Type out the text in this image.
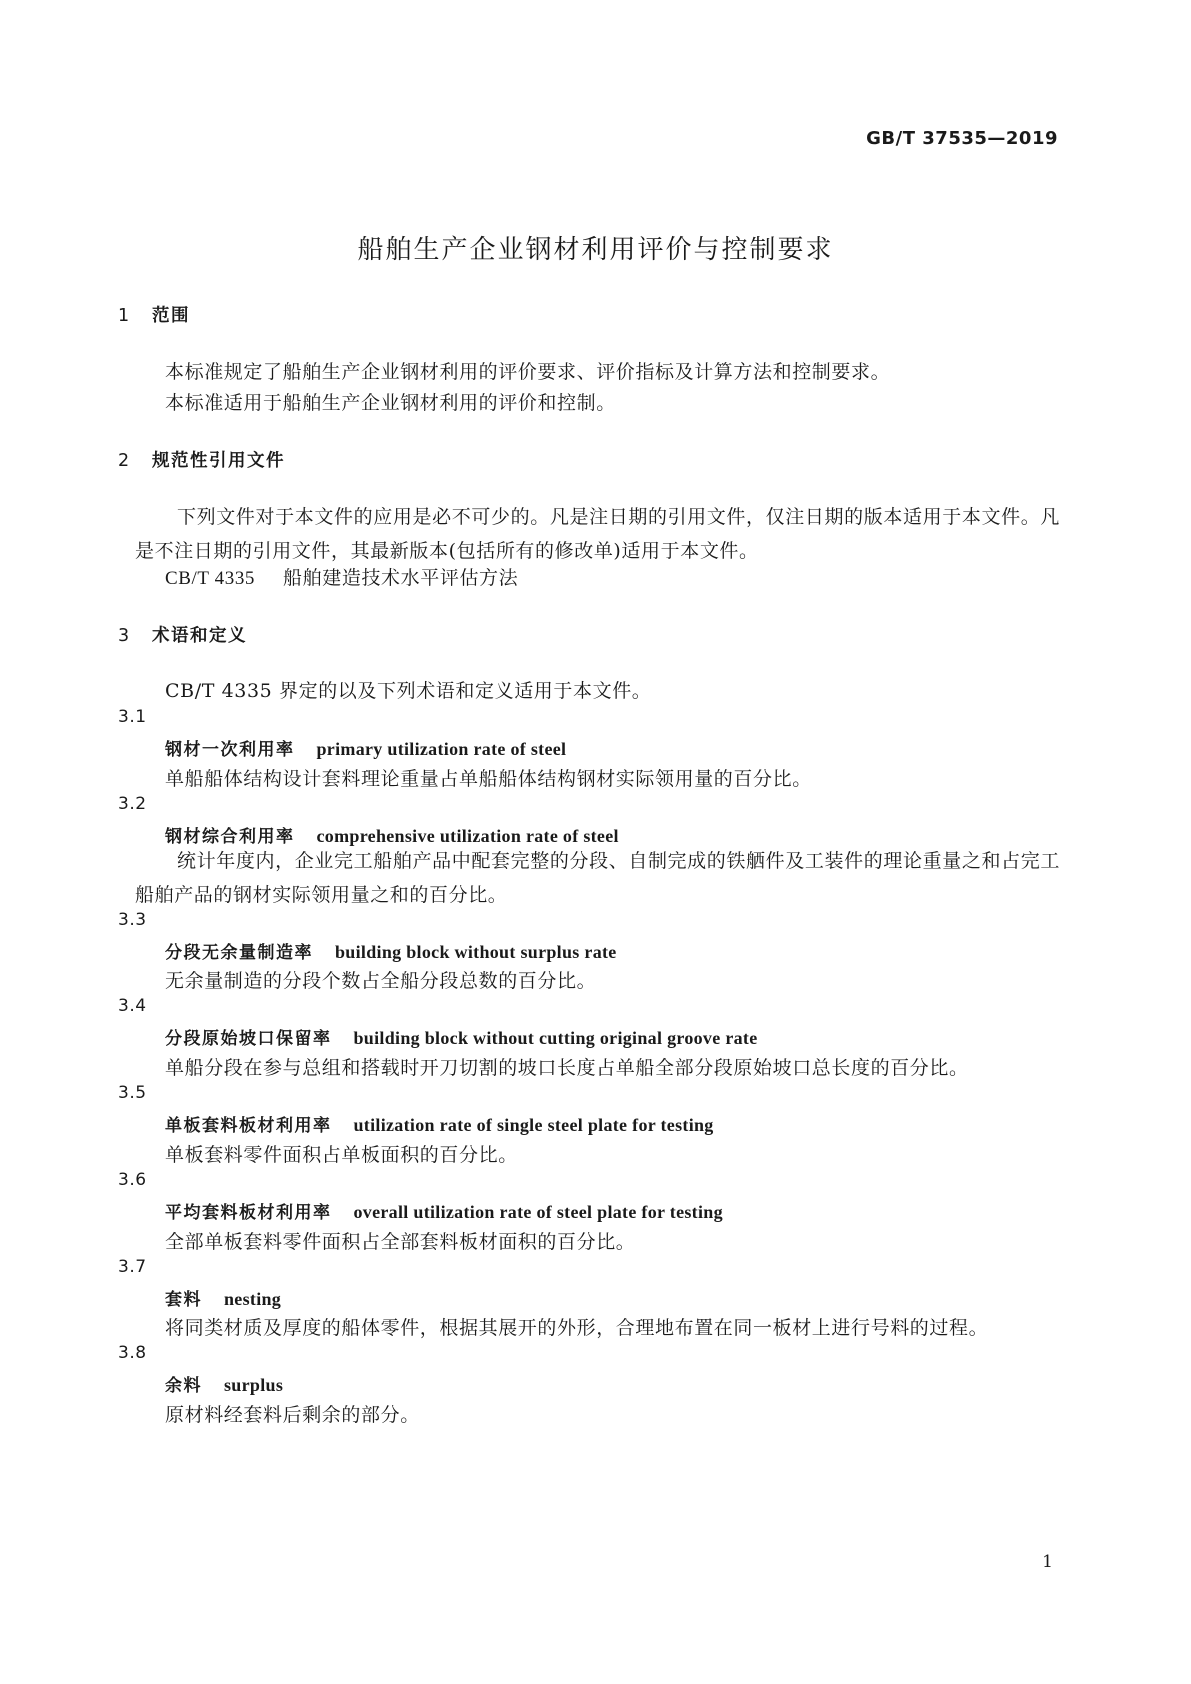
GB/T 37535—2019
船舶生产企业钢材利用评价与控制要求
1 范围
本标准规定了船舶生产企业钢材利用的评价要求、评价指标及计算方法和控制要求。
本标准适用于船舶生产企业钢材利用的评价和控制。
2 规范性引用文件
下列文件对于本文件的应用是必不可少的。凡是注日期的引用文件，仅注日期的版本适用于本文件。凡是不注日期的引用文件，其最新版本(包括所有的修改单)适用于本文件。
CB/T 4335 船舶建造技术水平评估方法
3 术语和定义
CB/T 4335 界定的以及下列术语和定义适用于本文件。
3.1
钢材一次利用率 primary utilization rate of steel
单船船体结构设计套料理论重量占单船船体结构钢材实际领用量的百分比。
3.2
钢材综合利用率 comprehensive utilization rate of steel
统计年度内，企业完工船舶产品中配套完整的分段、自制完成的铁舾件及工装件的理论重量之和占完工船舶产品的钢材实际领用量之和的百分比。
3.3
分段无余量制造率 building block without surplus rate
无余量制造的分段个数占全船分段总数的百分比。
3.4
分段原始坡口保留率 building block without cutting original groove rate
单船分段在参与总组和搭载时开刀切割的坡口长度占单船全部分段原始坡口总长度的百分比。
3.5
单板套料板材利用率 utilization rate of single steel plate for testing
单板套料零件面积占单板面积的百分比。
3.6
平均套料板材利用率 overall utilization rate of steel plate for testing
全部单板套料零件面积占全部套料板材面积的百分比。
3.7
套料 nesting
将同类材质及厚度的船体零件，根据其展开的外形，合理地布置在同一板材上进行号料的过程。
3.8
余料 surplus
原材料经套料后剩余的部分。
1
